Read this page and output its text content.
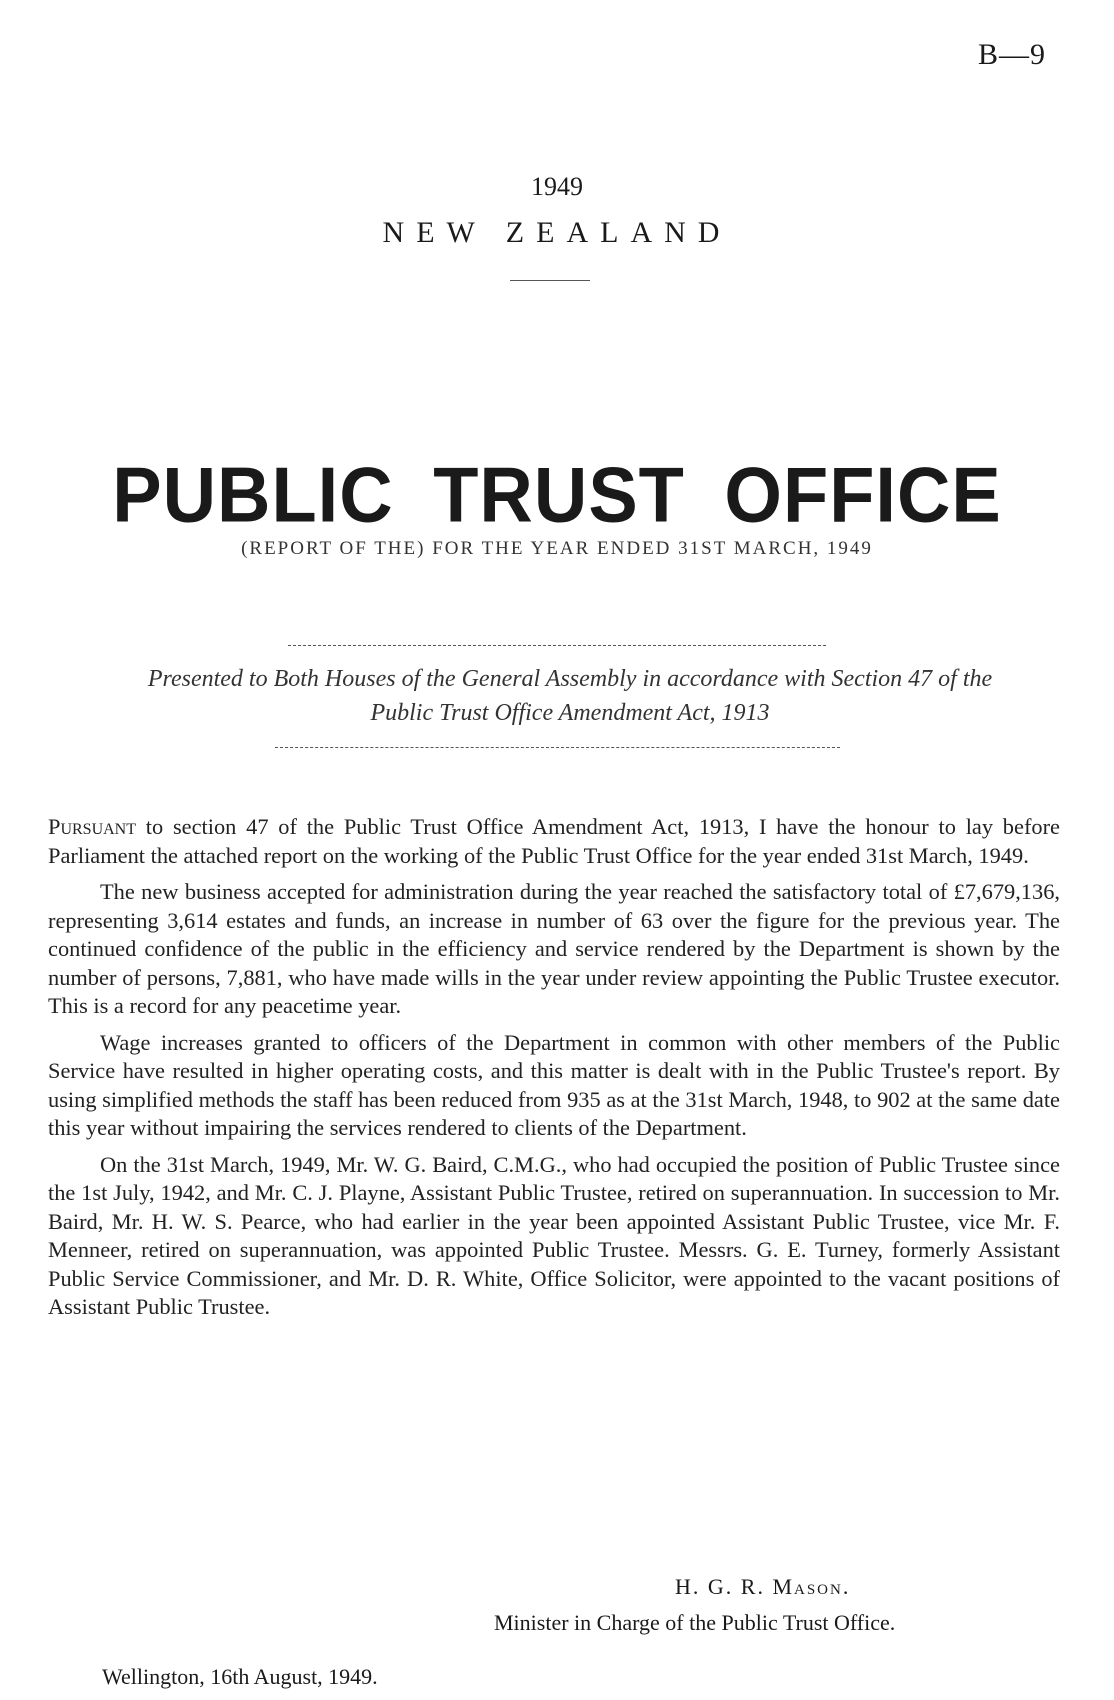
B—9
1949
NEW ZEALAND
PUBLIC TRUST OFFICE
(REPORT OF THE) FOR THE YEAR ENDED 31ST MARCH, 1949
Presented to Both Houses of the General Assembly in accordance with Section 47 of the
Public Trust Office Amendment Act, 1913

Pursuant to section 47 of the Public Trust Office Amendment Act, 1913, I have the honour to lay before Parliament the attached report on the working of the Public Trust Office for the year ended 31st March, 1949.

The new business accepted for administration during the year reached the satisfactory total of £7,679,136, representing 3,614 estates and funds, an increase in number of 63 over the figure for the previous year. The continued confidence of the public in the efficiency and service rendered by the Department is shown by the number of persons, 7,881, who have made wills in the year under review appointing the Public Trustee executor. This is a record for any peacetime year.

Wage increases granted to officers of the Department in common with other members of the Public Service have resulted in higher operating costs, and this matter is dealt with in the Public Trustee's report. By using simplified methods the staff has been reduced from 935 as at the 31st March, 1948, to 902 at the same date this year without impairing the services rendered to clients of the Department.

On the 31st March, 1949, Mr. W. G. Baird, C.M.G., who had occupied the position of Public Trustee since the 1st July, 1942, and Mr. C. J. Playne, Assistant Public Trustee, retired on superannuation. In succession to Mr. Baird, Mr. H. W. S. Pearce, who had earlier in the year been appointed Assistant Public Trustee, vice Mr. F. Menneer, retired on superannuation, was appointed Public Trustee. Messrs. G. E. Turney, formerly Assistant Public Service Commissioner, and Mr. D. R. White, Office Solicitor, were appointed to the vacant positions of Assistant Public Trustee.

H. G. R. Mason.
Minister in Charge of the Public Trust Office.
Wellington, 16th August, 1949.
